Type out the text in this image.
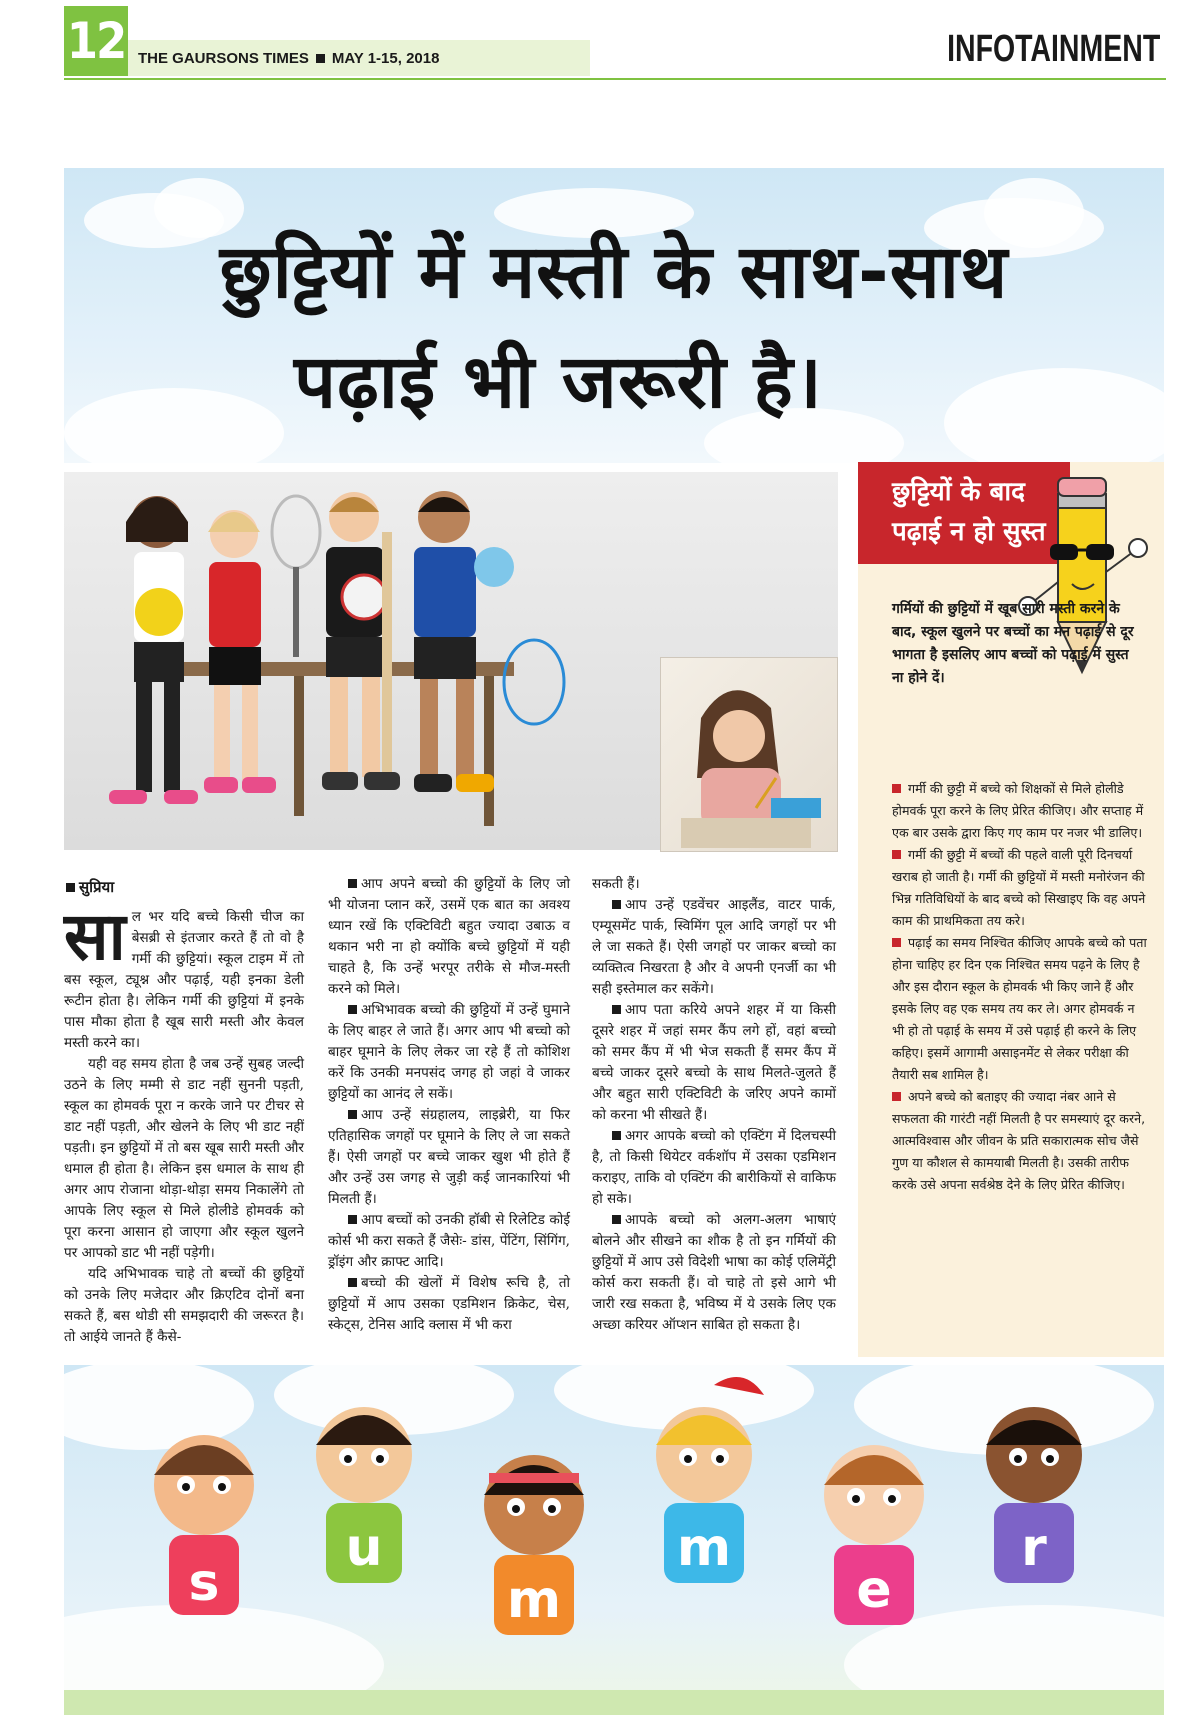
12 THE GAURSONS TIMES MAY 1-15, 2018	INFOTAINMENT
छुट्टियों में मस्ती के साथ-साथ
पढ़ाई भी जरूरी है।
सुप्रिया

साल भर यदि बच्चे किसी चीज का बेसब्री से इंतजार करते हैं तो वो है गर्मी की छुट्टियां। स्कूल टाइम में तो बस स्कूल, ट्यूश्न और पढ़ाई, यही इनका डेली रूटीन होता है। लेकिन गर्मी की छुट्टियां में इनके पास मौका होता है खूब सारी मस्ती और केवल मस्ती करने का।

यही वह समय होता है जब उन्हें सुबह जल्दी उठने के लिए मम्मी से डाट नहीं सुननी पड़ती, स्कूल का होमवर्क पूरा न करके जाने पर टीचर से डाट नहीं पड़ती, और खेलने के लिए भी डाट नहीं पड़ती। इन छुट्टियों में तो बस खूब सारी मस्ती और धमाल ही होता है। लेकिन इस धमाल के साथ ही अगर आप रोजाना थोड़ा-थोड़ा समय निकालेंगे तो आपके लिए स्कूल से मिले होलीडे होमवर्क को पूरा करना आसान हो जाएगा और स्कूल खुलने पर आपको डाट भी नहीं पड़ेगी।

यदि अभिभावक चाहे तो बच्चों की छुट्टियों को उनके लिए मजेदार और क्रिएटिव दोनों बना सकते हैं, बस थोडी सी समझदारी की जरूरत है। तो आईये जानते हैं कैसे-

आप अपने बच्चो की छुट्टियों के लिए जो भी योजना प्लान करें, उसमें एक बात का अवश्य ध्यान रखें कि एक्टिविटी बहुत ज्यादा उबाऊ व थकान भरी ना हो क्योंकि बच्चे छुट्टियों में यही चाहते है, कि उन्हें भरपूर तरीके से मौज-मस्ती करने को मिले।

अभिभावक बच्चो की छुट्टियों में उन्हें घुमाने के लिए बाहर ले जाते हैं। अगर आप भी बच्चो को बाहर घूमाने के लिए लेकर जा रहे हैं तो कोशिश करें कि उनकी मनपसंद जगह हो जहां वे जाकर छुट्टियों का आनंद ले सकें।

आप उन्हें संग्रहालय, लाइब्रेरी, या फिर एतिहासिक जगहों पर घूमाने के लिए ले जा सकते हैं। ऐसी जगहों पर बच्चे जाकर खुश भी होते हैं और उन्हें उस जगह से जुड़ी कई जानकारियां भी मिलती हैं।

आप बच्चों को उनकी हॉबी से रिलेटिड कोई कोर्स भी करा सकते हैं जैसेः- डांस, पेंटिंग, सिंगिंग, ड्रॉइंग और क्राफ्ट आदि।

बच्चो की खेलों में विशेष रूचि है, तो छुट्टियों में आप उसका एडमिशन क्रिकेट, चेस, स्केट्स, टेनिस आदि क्लास में भी करा

सकती हैं।

आप उन्हें एडवेंचर आइलैंड, वाटर पार्क, एम्यूसमेंट पार्क, स्विमिंग पूल आदि जगहों पर भी ले जा सकते हैं। ऐसी जगहों पर जाकर बच्चो का व्यक्तित्व निखरता है और वे अपनी एनर्जी का भी सही इस्तेमाल कर सकेंगे।

आप पता करिये अपने शहर में या किसी दूसरे शहर में जहां समर कैंप लगे हों, वहां बच्चो को समर कैंप में भी भेज सकती हैं समर कैंप में बच्चे जाकर दूसरे बच्चो के साथ मिलते-जुलते हैं और बहुत सारी एक्टिविटी के जरिए अपने कामों को करना भी सीखते हैं।

अगर आपके बच्चो को एक्टिंग में दिलचस्पी है, तो किसी थियेटर वर्कशॉप में उसका एडमिशन कराइए, ताकि वो एक्टिंग की बारीकियों से वाकिफ हो सके।

आपके बच्चो को अलग-अलग भाषाएं बोलने और सीखने का शौक है तो इन गर्मियों की छुट्टियों में आप उसे विदेशी भाषा का कोई एलिमेंट्री कोर्स करा सकती हैं। वो चाहे तो इसे आगे भी जारी रख सकता है, भविष्य में ये उसके लिए एक अच्छा करियर ऑप्शन साबित हो सकता है।

छुट्टियों के बाद
पढ़ाई न हो सुस्त
गर्मियों की छुट्टियों में खूब सारी मस्ती करने के बाद, स्कूल खुलने पर बच्चों का मन पढ़ाई से दूर भागता है इसलिए आप बच्चों को पढ़ाई में सुस्त ना होने दें।

गर्मी की छुट्टी में बच्चे को शिक्षकों से मिले होलीडे होमवर्क पूरा करने के लिए प्रेरित कीजिए। और सप्ताह में एक बार उसके द्वारा किए गए काम पर नजर भी डालिए।

गर्मी की छुट्टी में बच्चों की पहले वाली पूरी दिनचर्या खराब हो जाती है। गर्मी की छुट्टियों में मस्ती मनोरंजन की भिन्न गतिविधियों के बाद बच्चे को सिखाइए कि वह अपने काम की प्राथमिकता तय करे।

पढ़ाई का समय निश्चित कीजिए आपके बच्चे को पता होना चाहिए हर दिन एक निश्चित समय पढ़ने के लिए है और इस दौरान स्कूल के होमवर्क भी किए जाने हैं और इसके लिए वह एक समय तय कर ले। अगर होमवर्क न भी हो तो पढ़ाई के समय में उसे पढ़ाई ही करने के लिए कहिए। इसमें आगामी असाइनमेंट से लेकर परीक्षा की तैयारी सब शामिल है।

अपने बच्चे को बताइए की ज्यादा नंबर आने से सफलता की गारंटी नहीं मिलती है पर समस्याएं दूर करने, आत्मविश्वास और जीवन के प्रति सकारात्मक सोच जैसे गुण या कौशल से कामयाबी मिलती है। उसकी तारीफ करके उसे अपना सर्वश्रेष्ठ देने के लिए प्रेरित कीजिए।

s
u
m
m
e
r
